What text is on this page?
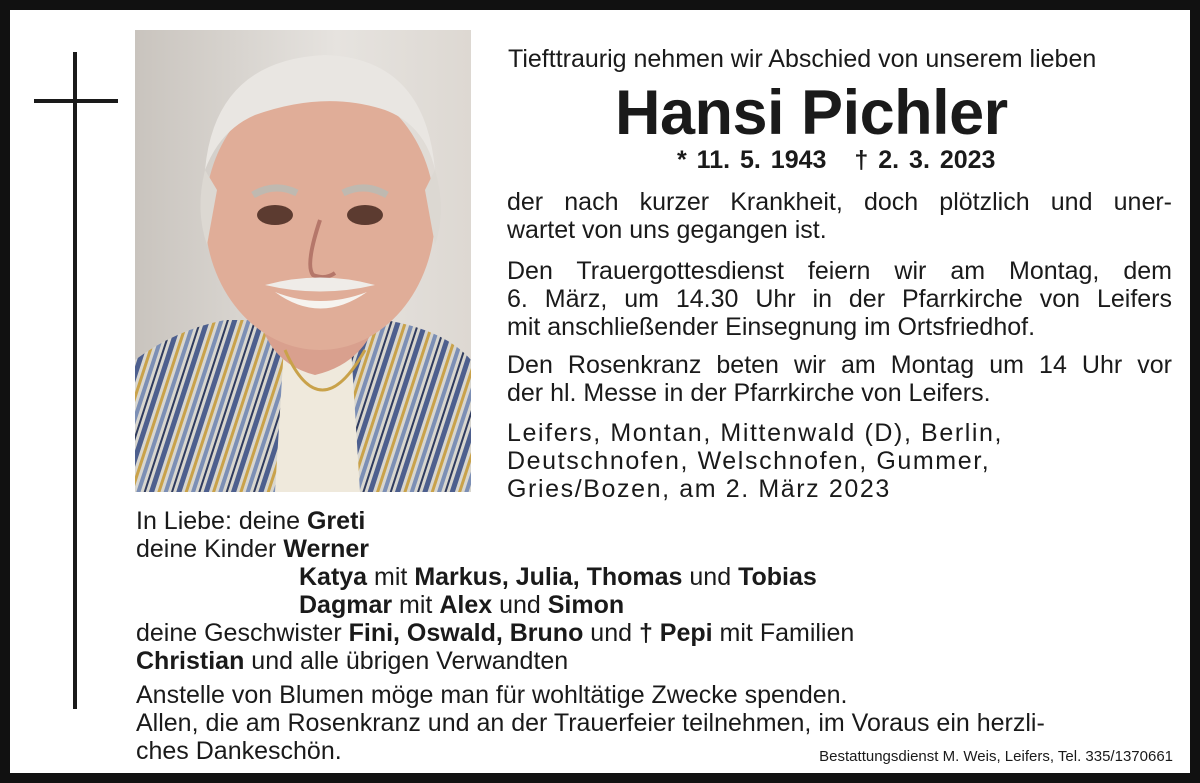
Tiefttraurig nehmen wir Abschied von unserem lieben
Hansi Pichler
* 11. 5. 1943 † 2. 3. 2023
der nach kurzer Krankheit, doch plötzlich und uner-
wartet von uns gegangen ist.
Den Trauergottesdienst feiern wir am Montag, dem
6. März, um 14.30 Uhr in der Pfarrkirche von Leifers
mit anschließender Einsegnung im Ortsfriedhof.
Den Rosenkranz beten wir am Montag um 14 Uhr vor
der hl. Messe in der Pfarrkirche von Leifers.
Leifers, Montan, Mittenwald (D), Berlin,
Deutschnofen, Welschnofen, Gummer,
Gries/Bozen, am 2. März 2023
In Liebe: deine Greti
deine Kinder Werner
Katya mit Markus, Julia, Thomas und Tobias
Dagmar mit Alex und Simon
deine Geschwister Fini, Oswald, Bruno und † Pepi mit Familien
Christian und alle übrigen Verwandten
Anstelle von Blumen möge man für wohltätige Zwecke spenden.
Allen, die am Rosenkranz und an der Trauerfeier teilnehmen, im Voraus ein herzli-
ches Dankeschön.	Bestattungsdienst M. Weis, Leifers, Tel. 335/1370661
